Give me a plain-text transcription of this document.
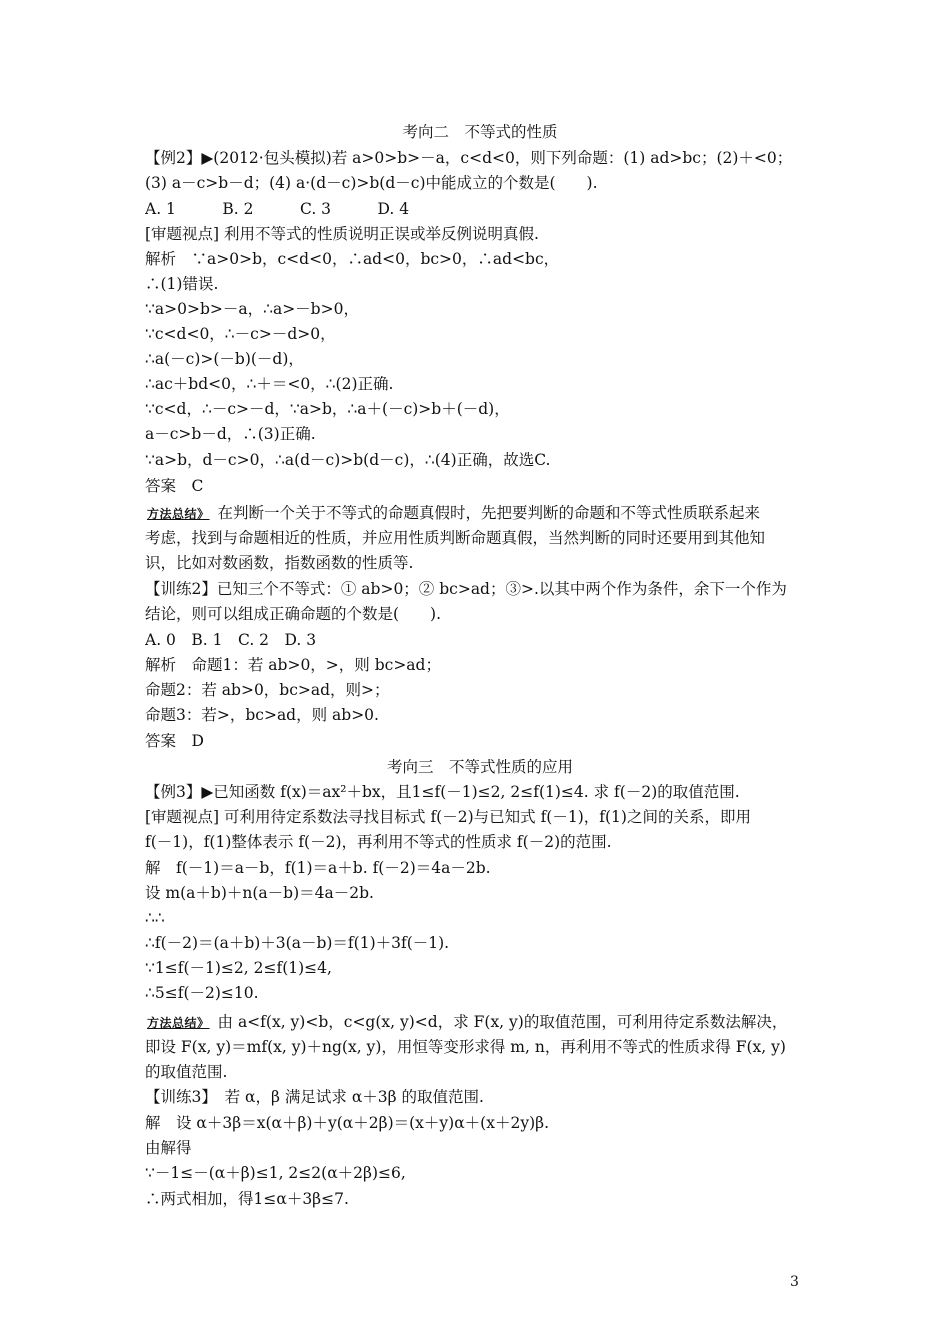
考向二　不等式的性质
【例2】▶(2012·包头模拟)若 a>0>b>－a，c<d<0，则下列命题：(1) ad>bc；(2)＋<0；
(3) a－c>b－d；(4) a·(d－c)>b(d－c)中能成立的个数是(　　).
A. 1　　　B. 2　　　C. 3　　　D. 4
[审题视点] 利用不等式的性质说明正误或举反例说明真假.
解析　∵a>0>b，c<d<0，∴ad<0，bc>0，∴ad<bc，
∴(1)错误.
∵a>0>b>－a，∴a>－b>0，
∵c<d<0，∴－c>－d>0，
∴a(－c)>(－b)(－d)，
∴ac＋bd<0，∴＋＝<0，∴(2)正确.
∵c<d，∴－c>－d，∵a>b，∴a＋(－c)>b＋(－d)，
a－c>b－d，∴(3)正确.
∵a>b，d－c>0，∴a(d－c)>b(d－c)，∴(4)正确，故选C.
答案　C
方法总结》 在判断一个关于不等式的命题真假时，先把要判断的命题和不等式性质联系起来
考虑，找到与命题相近的性质，并应用性质判断命题真假，当然判断的同时还要用到其他知
识，比如对数函数，指数函数的性质等.
【训练2】已知三个不等式：① ab>0；② bc>ad；③>.以其中两个作为条件，余下一个作为
结论，则可以组成正确命题的个数是(　　).
A. 0　B. 1　C. 2　D. 3
解析　命题1：若 ab>0，>，则 bc>ad；
命题2：若 ab>0，bc>ad，则>；
命题3：若>，bc>ad，则 ab>0.
答案　D
考向三　不等式性质的应用
【例3】▶已知函数 f(x)＝ax²＋bx，且1≤f(－1)≤2, 2≤f(1)≤4. 求 f(－2)的取值范围.
[审题视点] 可利用待定系数法寻找目标式 f(－2)与已知式 f(－1)，f(1)之间的关系，即用
f(－1)，f(1)整体表示 f(－2)，再利用不等式的性质求 f(－2)的范围.
解　f(－1)＝a－b，f(1)＝a＋b. f(－2)＝4a－2b.
设 m(a＋b)＋n(a－b)＝4a－2b.
∴∴
∴f(－2)＝(a＋b)＋3(a－b)＝f(1)＋3f(－1).
∵1≤f(－1)≤2, 2≤f(1)≤4,
∴5≤f(－2)≤10.
方法总结》 由 a<f(x, y)<b，c<g(x, y)<d，求 F(x, y)的取值范围，可利用待定系数法解决，
即设 F(x, y)＝mf(x, y)＋ng(x, y)，用恒等变形求得 m, n，再利用不等式的性质求得 F(x, y)
的取值范围.
【训练3】　若 α，β 满足试求 α＋3β 的取值范围.
解　设 α＋3β＝x(α＋β)＋y(α＋2β)＝(x＋y)α＋(x＋2y)β.
由解得
∵－1≤－(α＋β)≤1, 2≤2(α＋2β)≤6,
∴两式相加，得1≤α＋3β≤7.
3
